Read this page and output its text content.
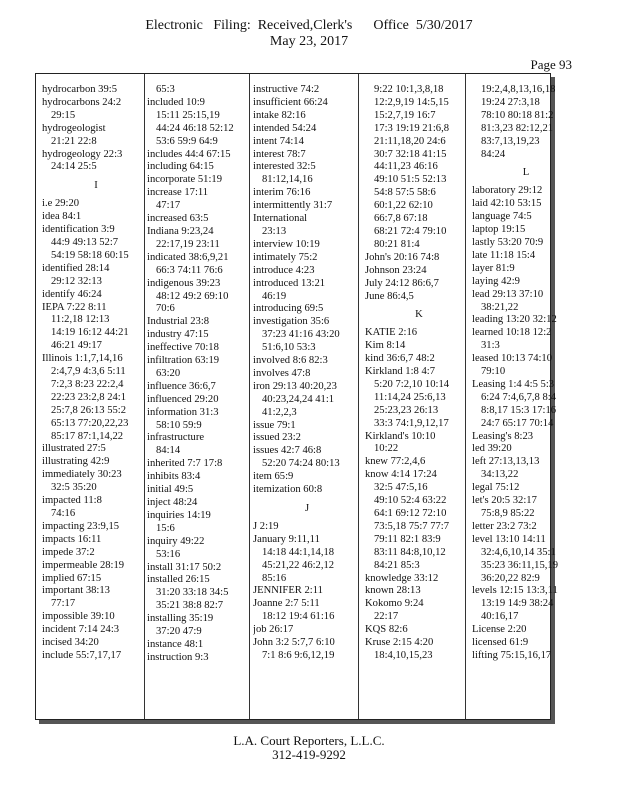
Electronic   Filing:  Received,Clerk's      Office  5/30/2017
May 23, 2017
Page 93
hydrocarbon 39:5
hydrocarbons 24:2
29:15
hydrogeologist
21:21 22:8
hydrogeology 22:3
24:14 25:5
I
i.e 29:20
idea 84:1
identification 3:9
44:9 49:13 52:7
54:19 58:18 60:15
identified 28:14
29:12 32:13
identify 46:24
IEPA 7:22 8:11
11:2,18 12:13
14:19 16:12 44:21
46:21 49:17
Illinois 1:1,7,14,16
2:4,7,9 4:3,6 5:11
7:2,3 8:23 22:2,4
22:23 23:2,8 24:1
25:7,8 26:13 55:2
65:13 77:20,22,23
85:17 87:1,14,22
illustrated 27:5
illustrating 42:9
immediately 30:23
32:5 35:20
impacted 11:8
74:16
impacting 23:9,15
impacts 16:11
impede 37:2
impermeable 28:19
implied 67:15
important 38:13
77:17
impossible 39:10
incident 7:14 24:3
incised 34:20
include 55:7,17,17
65:3
included 10:9
15:11 25:15,19
44:24 46:18 52:12
53:6 59:9 64:9
includes 44:4 67:15
including 64:15
incorporate 51:19
increase 17:11
47:17
increased 63:5
Indiana 9:23,24
22:17,19 23:11
indicated 38:6,9,21
66:3 74:11 76:6
indigenous 39:23
48:12 49:2 69:10
70:6
Industrial 23:8
industry 47:15
ineffective 70:18
infiltration 63:19
63:20
influence 36:6,7
influenced 29:20
information 31:3
58:10 59:9
infrastructure
84:14
inherited 7:7 17:8
inhibits 83:4
initial 49:5
inject 48:24
inquiries 14:19
15:6
inquiry 49:22
53:16
install 31:17 50:2
installed 26:15
31:20 33:18 34:5
35:21 38:8 82:7
installing 35:19
37:20 47:9
instance 48:1
instruction 9:3
instructive 74:2
insufficient 66:24
intake 82:16
intended 54:24
intent 74:14
interest 78:7
interested 32:5
81:12,14,16
interim 76:16
intermittently 31:7
International
23:13
interview 10:19
intimately 75:2
introduce 4:23
introduced 13:21
46:19
introducing 69:5
investigation 35:6
37:23 41:16 43:20
51:6,10 53:3
involved 8:6 82:3
involves 47:8
iron 29:13 40:20,23
40:23,24,24 41:1
41:2,2,3
issue 79:1
issued 23:2
issues 42:7 46:8
52:20 74:24 80:13
item 65:9
itemization 60:8
J
J 2:19
January 9:11,11
14:18 44:1,14,18
45:21,22 46:2,12
85:16
JENNIFER 2:11
Joanne 2:7 5:11
18:12 19:4 61:16
job 26:17
John 3:2 5:7,7 6:10
7:1 8:6 9:6,12,19
9:22 10:1,3,8,18
12:2,9,19 14:5,15
15:2,7,19 16:7
17:3 19:19 21:6,8
21:11,18,20 24:6
30:7 32:18 41:15
44:11,23 46:16
49:10 51:5 52:13
54:8 57:5 58:6
60:1,22 62:10
66:7,8 67:18
68:21 72:4 79:10
80:21 81:4
John's 20:16 74:8
Johnson 23:24
July 24:12 86:6,7
June 86:4,5
K
KATIE 2:16
Kim 8:14
kind 36:6,7 48:2
Kirkland 1:8 4:7
5:20 7:2,10 10:14
11:14,24 25:6,13
25:23,23 26:13
33:3 74:1,9,12,17
Kirkland's 10:10
10:22
knew 77:2,4,6
know 4:14 17:24
32:5 47:5,16
49:10 52:4 63:22
64:1 69:12 72:10
73:5,18 75:7 77:7
79:11 82:1 83:9
83:11 84:8,10,12
84:21 85:3
knowledge 33:12
known 28:13
Kokomo 9:24
22:17
KQS 82:6
Kruse 2:15 4:20
18:4,10,15,23
19:2,4,8,13,16,18
19:24 27:3,18
78:10 80:18 81:2
81:3,23 82:12,21
83:7,13,19,23
84:24
L
laboratory 29:12
laid 42:10 53:15
language 74:5
laptop 19:15
lastly 53:20 70:9
late 11:18 15:4
layer 81:9
laying 42:9
lead 29:13 37:10
38:21,22
leading 13:20 32:12
learned 10:18 12:2
31:3
leased 10:13 74:10
79:10
Leasing 1:4 4:5 5:3
6:24 7:4,6,7,8 8:4
8:8,17 15:3 17:16
24:7 65:17 70:14
Leasing's 8:23
led 39:20
left 27:13,13,13
34:13,22
legal 75:12
let's 20:5 32:17
75:8,9 85:22
letter 23:2 73:2
level 13:10 14:11
32:4,6,10,14 35:1
35:23 36:11,15,19
36:20,22 82:9
levels 12:15 13:3,11
13:19 14:9 38:24
40:16,17
License 2:20
licensed 61:9
lifting 75:15,16,17
L.A. Court Reporters, L.L.C.
312-419-9292
